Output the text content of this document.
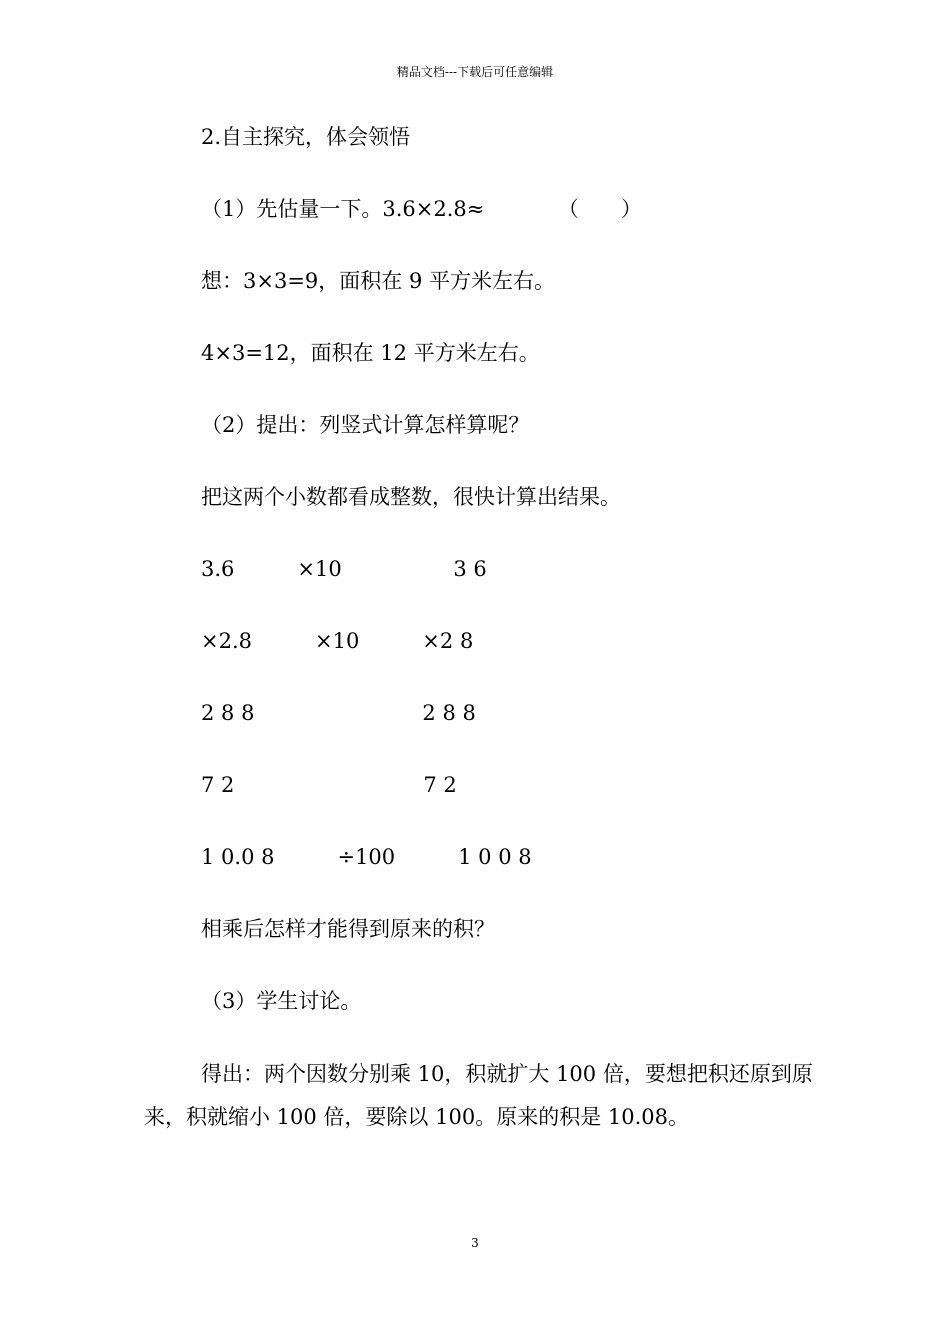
精品文档---下载后可任意编辑
2.自主探究，体会领悟
（1）先估量一下。3.6×2.8≈　　　　（　　）
想：3×3=9，面积在 9 平方米左右。
4×3=12，面积在 12 平方米左右。
（2）提出：列竖式计算怎样算呢？
把这两个小数都看成整数，很快计算出结果。
3.6　　　×10　　　　　 3 6
×2.8　　　×10　　　×2 8
2 8 8　　　　　　　　2 8 8
7 2　　　　　　　　　7 2
1 0.0 8　　　÷100　　　1 0 0 8
相乘后怎样才能得到原来的积？
（3）学生讨论。
得出：两个因数分别乘 10，积就扩大 100 倍，要想把积还原到原来，积就缩小 100 倍，要除以 100。原来的积是 10.08。
3
